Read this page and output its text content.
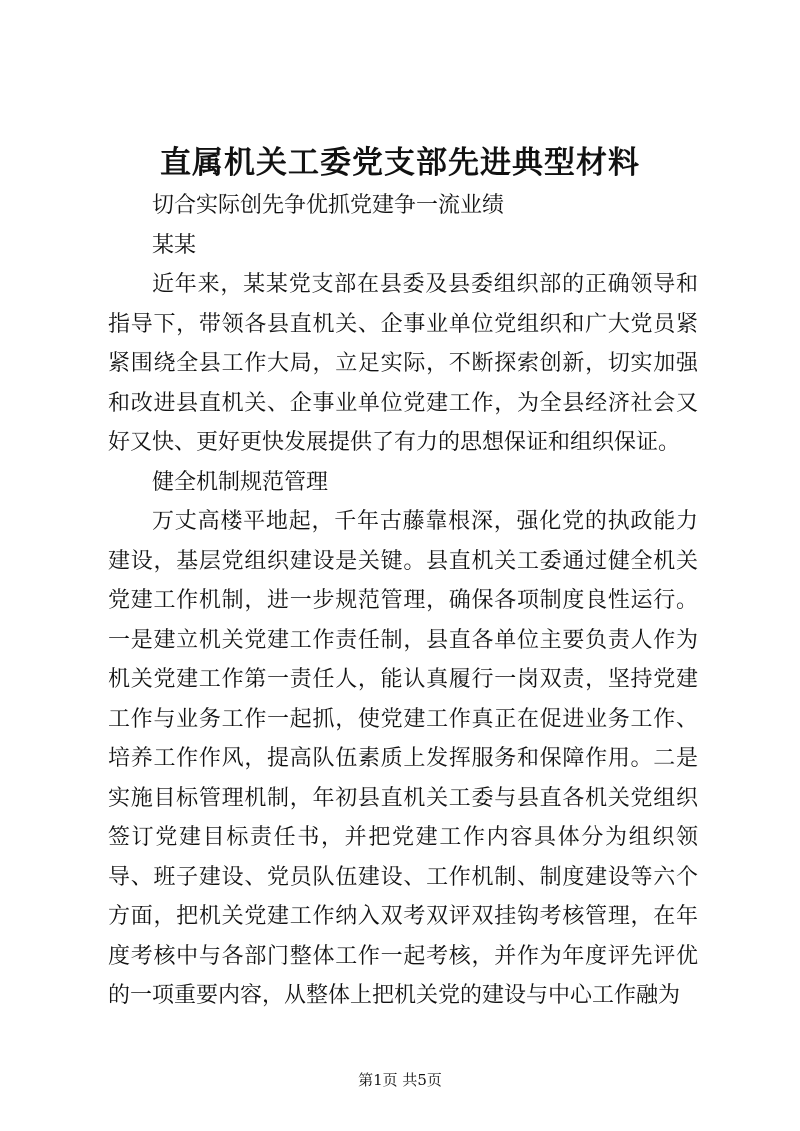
直属机关工委党支部先进典型材料

切合实际创先争优抓党建争一流业绩

某某

近年来，某某党支部在县委及县委组织部的正确领导和指导下，带领各县直机关、企事业单位党组织和广大党员紧紧围绕全县工作大局，立足实际，不断探索创新，切实加强和改进县直机关、企事业单位党建工作，为全县经济社会又好又快、更好更快发展提供了有力的思想保证和组织保证。

健全机制规范管理

万丈高楼平地起，千年古藤靠根深，强化党的执政能力建设，基层党组织建设是关键。县直机关工委通过健全机关党建工作机制，进一步规范管理，确保各项制度良性运行。一是建立机关党建工作责任制，县直各单位主要负责人作为机关党建工作第一责任人，能认真履行一岗双责，坚持党建工作与业务工作一起抓，使党建工作真正在促进业务工作、培养工作作风，提高队伍素质上发挥服务和保障作用。二是实施目标管理机制，年初县直机关工委与县直各机关党组织签订党建目标责任书，并把党建工作内容具体分为组织领导、班子建设、党员队伍建设、工作机制、制度建设等六个方面，把机关党建工作纳入双考双评双挂钩考核管理，在年度考核中与各部门整体工作一起考核，并作为年度评先评优的一项重要内容，从整体上把机关党的建设与中心工作融为

第1页 共5页
